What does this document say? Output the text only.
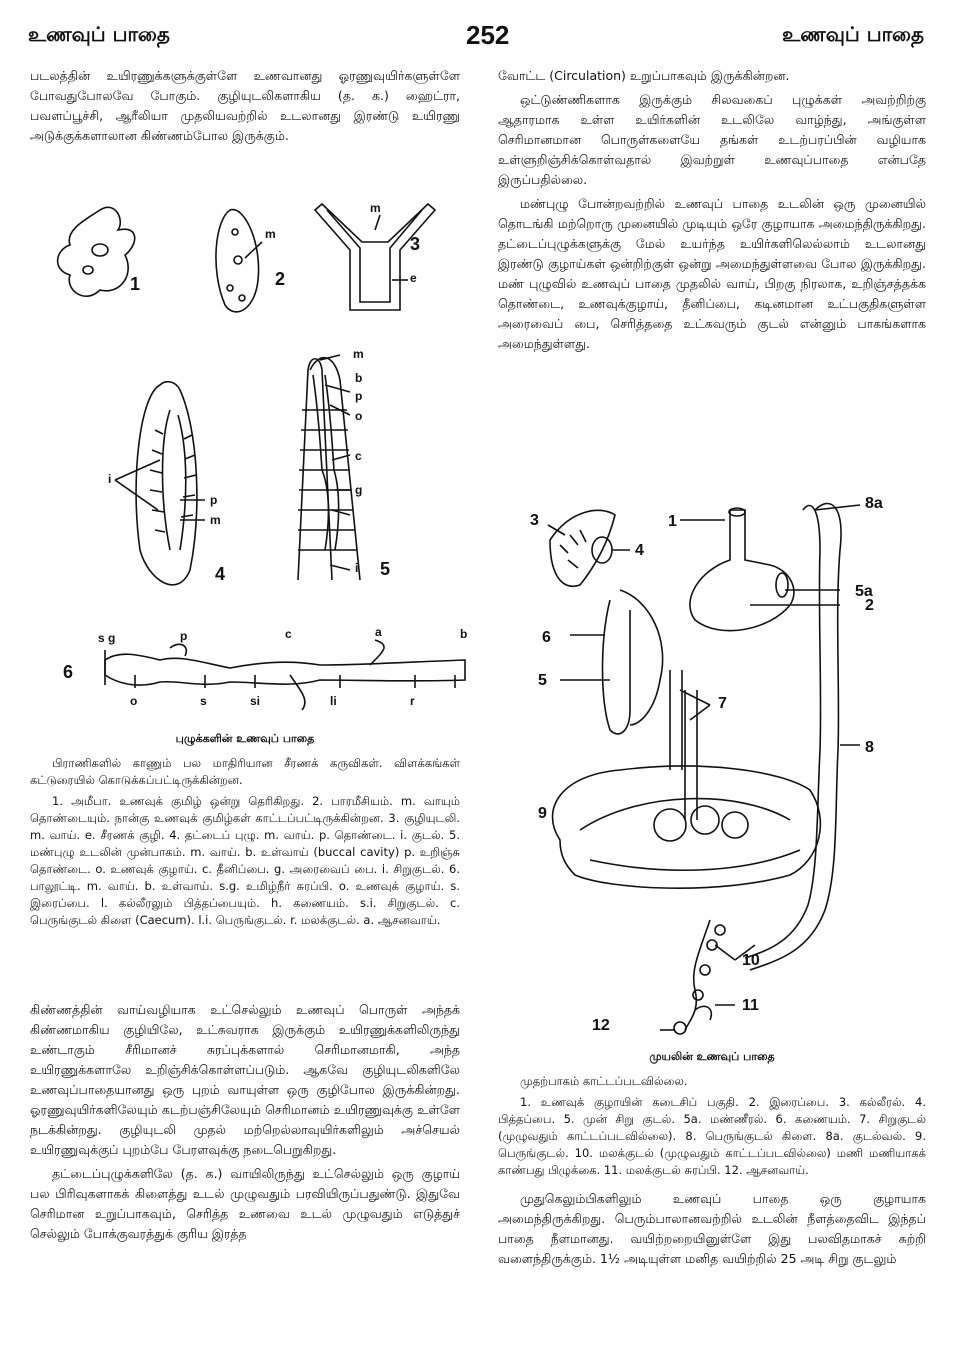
உணவுப் பாதை	252	உணவுப் பாதை

படலத்தின் உயிரணுக்களுக்குள்ளே உணவானது ஓரணுவுயிர்களுள்ளே போவதுபோலவே போகும். குழியுடலிகளாகிய (த. க.) ஹைட்ரா, பவளப்பூச்சி, ஆரீலியா முதலியவற்றில் உடலானது இரண்டு உயிரணு அடுக்குக்களாலான கிண்ணம்போல இருக்கும்.

1	2
3
4	5
6
m
e
m
b
p
o
c
g
i
p
m
i
m
s g	p	c	a	b
o	s	si	li	r
புழுக்களின் உணவுப் பாதை

பிராணிகளில் காணும் பல மாதிரியான சீரணக் கருவிகள். விளக்கங்கள் கட்டுரையில் கொடுக்கப்பட்டிருக்கின்றன.

1. அமீபா. உணவுக் குமிழ் ஒன்று தெரிகிறது. 2. பாரமீசியம். m. வாயும் தொண்டையும். நான்கு உணவுக் குமிழ்கள் காட்டப்பட்டிருக்கின்றன. 3. குழியுடலி. m. வாய். e. சீரணக் குழி. 4. தட்டைப் புழு. m. வாய். p. தொண்டை. i. குடல். 5. மண்புழு உடலின் முன்பாகம். m. வாய். b. உள்வாய் (buccal cavity) p. உறிஞ்சு தொண்டை. o. உணவுக் குழாய். c. தீனிப்பை. g. அரைவைப் பை. i. சிறுகுடல். 6. பாலூட்டி. m. வாய். b. உள்வாய். s.g. உமிழ்நீர் சுரப்பி. o. உணவுக் குழாய். s. இரைப்பை. l. கல்லீரலும் பித்தப்பையும். h. கணையம். s.i. சிறுகுடல். c. பெருங்குடல் கிளை (Caecum). l.i. பெருங்குடல். r. மலக்குடல். a. ஆசனவாய்.

கிண்ணத்தின் வாய்வழியாக உட்செல்லும் உணவுப் பொருள் அந்தக் கிண்ணமாகிய குழியிலே, உட்சுவராக இருக்கும் உயிரணுக்களிலிருந்து உண்டாகும் சீரிமானச் சுரப்புக்களால் செரிமானமாகி, அந்த உயிரணுக்களாலே உறிஞ்சிக்கொள்ளப்படும். ஆகவே குழியுடலிகளிலே உணவுப்பாதையானது ஒரு புறம் வாயுள்ள ஒரு குழிபோல இருக்கின்றது. ஓரணுவுயிர்களிலேயும் கடற்பஞ்சிலேயும் செரிமானம் உயிரணுவுக்கு உள்ளே நடக்கின்றது. குழியுடலி முதல் மற்றெல்லாவுயிர்களிலும் அச்செயல் உயிரணுவுக்குப் புறம்பே பேரளவுக்கு நடைபெறுகிறது.

தட்டைப்புழுக்களிலே (த. க.) வாயிலிருந்து உட்செல்லும் ஒரு குழாய் பல பிரிவுகளாகக் கிளைத்து உடல் முழுவதும் பரவியிருப்பதுண்டு. இதுவே செரிமான உறுப்பாகவும், செரித்த உணவை உடல் முழுவதும் எடுத்துச் செல்லும் போக்குவரத்துக் குரிய இரத்த

வோட்ட (Circulation) உறுப்பாகவும் இருக்கின்றன.

ஒட்டுண்ணிகளாக இருக்கும் சிலவகைப் புழுக்கள் அவற்றிற்கு ஆதாரமாக உள்ள உயிர்களின் உடலிலே வாழ்ந்து, அங்குள்ள செரிமானமான பொருள்களையே தங்கள் உடற்பரப்பின் வழியாக உள்ளுறிஞ்சிக்கொள்வதால் இவற்றுள் உணவுப்பாதை என்பதே இருப்பதில்லை.

மண்புழு போன்றவற்றில் உணவுப் பாதை உடலின் ஒரு முனையில் தொடங்கி மற்றொரு முனையில் முடியும் ஒரே குழாயாக அமைந்திருக்கிறது. தட்டைப்புழுக்களுக்கு மேல் உயர்ந்த உயிர்களிலெல்லாம் உடலானது இரண்டு குழாய்கள் ஒன்றிற்குள் ஒன்று அமைந்துள்ளவை போல இருக்கிறது. மண் புழுவில் உணவுப் பாதை முதலில் வாய், பிறகு நிரலாக, உறிஞ்சத்தக்க தொண்டை, உணவுக்குழாய், தீனிப்பை, கடினமான உட்பகுதிகளுள்ள அரைவைப் பை, செரித்ததை உட்கவரும் குடல் என்னும் பாகங்களாக அமைந்துள்ளது.

1
2
3
4
5a
5
6
7
8
8a
9
10
11
12
முயலின் உணவுப் பாதை

முதற்பாகம் காட்டப்படவில்லை.

1. உணவுக் குழாயின் கடைசிப் பகுதி. 2. இரைப்பை. 3. கல்லீரல். 4. பித்தப்பை. 5. முன் சிறு குடல். 5a. மண்ணீரல். 6. கணையம். 7. சிறுகுடல் (முழுவதும் காட்டப்படவில்லை). 8. பெருங்குடல் கிளை. 8a. குடல்வல். 9. பெருங்குடல். 10. மலக்குடல் (முழுவதும் காட்டப்படவில்லை) மணி மணியாகக் காண்பது பிழுக்கை. 11. மலக்குடல் சுரப்பி. 12. ஆசனவாய்.

முதுகெலும்பிகளிலும் உணவுப் பாதை ஒரு குழாயாக அமைந்திருக்கிறது. பெரும்பாலானவற்றில் உடலின் நீளத்தைவிட இந்தப் பாதை நீளமானது. வயிற்றறையினுள்ளே இது பலவிதமாகச் சுற்றி வளைந்திருக்கும். 1½ அடியுள்ள மனித வயிற்றில் 25 அடி சிறு குடலும்
